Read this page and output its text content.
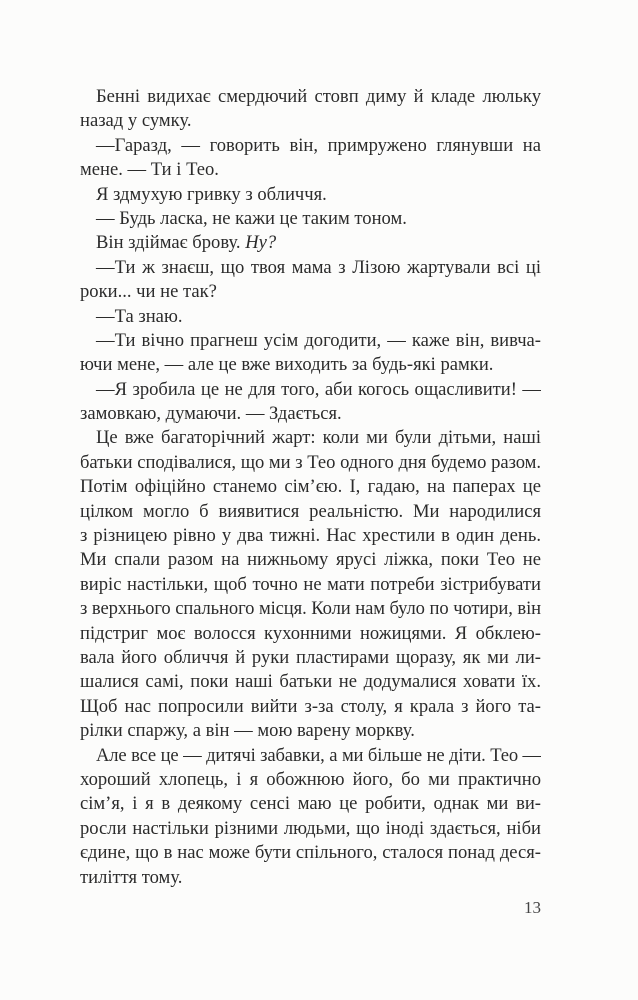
Бенні видихає смердючий стовп диму й кладе люльку
назад у сумку.
—Гаразд, — говорить він, примружено глянувши на
мене. — Ти і Тео.
Я здмухую гривку з обличчя.
— Будь ласка, не кажи це таким тоном.
Він здіймає брову. Ну?
—Ти ж знаєш, що твоя мама з Лізою жартували всі ці
роки... чи не так?
—Та знаю.
—Ти вічно прагнеш усім догодити, — каже він, вивча-
ючи мене, — але це вже виходить за будь-які рамки.
—Я зробила це не для того, аби когось ощасливити! —
замовкаю, думаючи. — Здається.
Це вже багаторічний жарт: коли ми були дітьми, наші
батьки сподівалися, що ми з Тео одного дня будемо разом.
Потім офіційно станемо сім’єю. І, гадаю, на паперах це
цілком могло б виявитися реальністю. Ми народилися
з різницею рівно у два тижні. Нас хрестили в один день.
Ми спали разом на нижньому ярусі ліжка, поки Тео не
виріс настільки, щоб точно не мати потреби зістрибувати
з верхнього спального місця. Коли нам було по чотири, він
підстриг моє волосся кухонними ножицями. Я обклею-
вала його обличчя й руки пластирами щоразу, як ми ли-
шалися самі, поки наші батьки не додумалися ховати їх.
Щоб нас попросили вийти з-за столу, я крала з його та-
рілки спаржу, а він — мою варену моркву.
Але все це — дитячі забавки, а ми більше не діти. Тео —
хороший хлопець, і я обожнюю його, бо ми практично
сім’я, і я в деякому сенсі маю це робити, однак ми ви-
росли настільки різними людьми, що іноді здається, ніби
єдине, що в нас може бути спільного, сталося понад деся-
тиліття тому.
13
